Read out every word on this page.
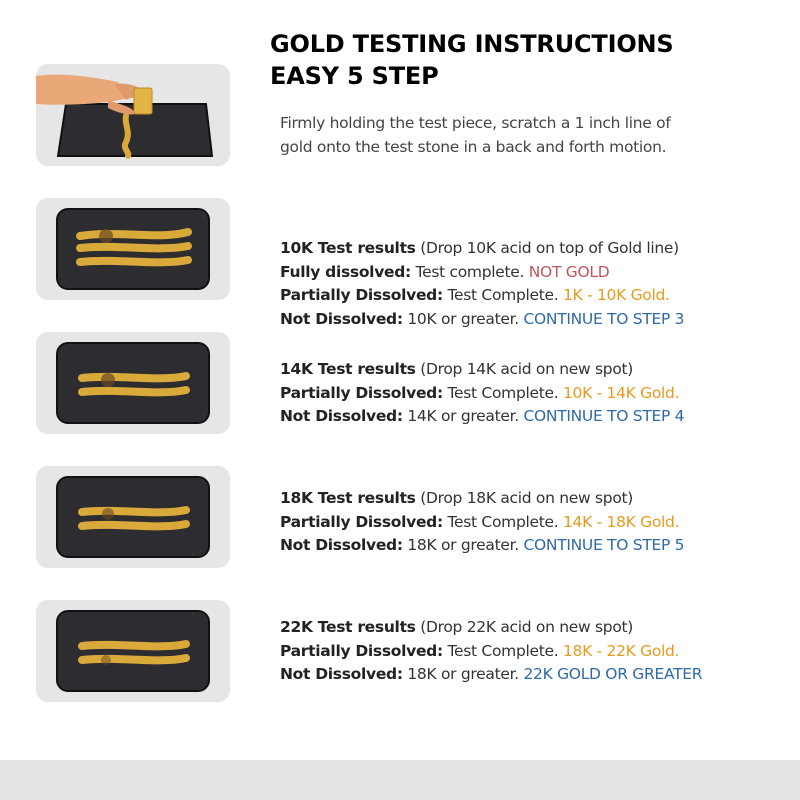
GOLD TESTING INSTRUCTIONS
EASY 5 STEP
Firmly holding the test piece, scratch a 1 inch line of
gold onto the test stone in a back and forth motion.
10K Test results (Drop 10K acid on top of Gold line)
Fully dissolved: Test complete. NOT GOLD
Partially Dissolved: Test Complete. 1K - 10K Gold.
Not Dissolved: 10K or greater. CONTINUE TO STEP 3
14K Test results (Drop 14K acid on new spot)
Partially Dissolved: Test Complete. 10K - 14K Gold.
Not Dissolved: 14K or greater. CONTINUE TO STEP 4
18K Test results (Drop 18K acid on new spot)
Partially Dissolved: Test Complete. 14K - 18K Gold.
Not Dissolved: 18K or greater. CONTINUE TO STEP 5
22K Test results (Drop 22K acid on new spot)
Partially Dissolved: Test Complete. 18K - 22K Gold.
Not Dissolved: 18K or greater. 22K GOLD OR GREATER
